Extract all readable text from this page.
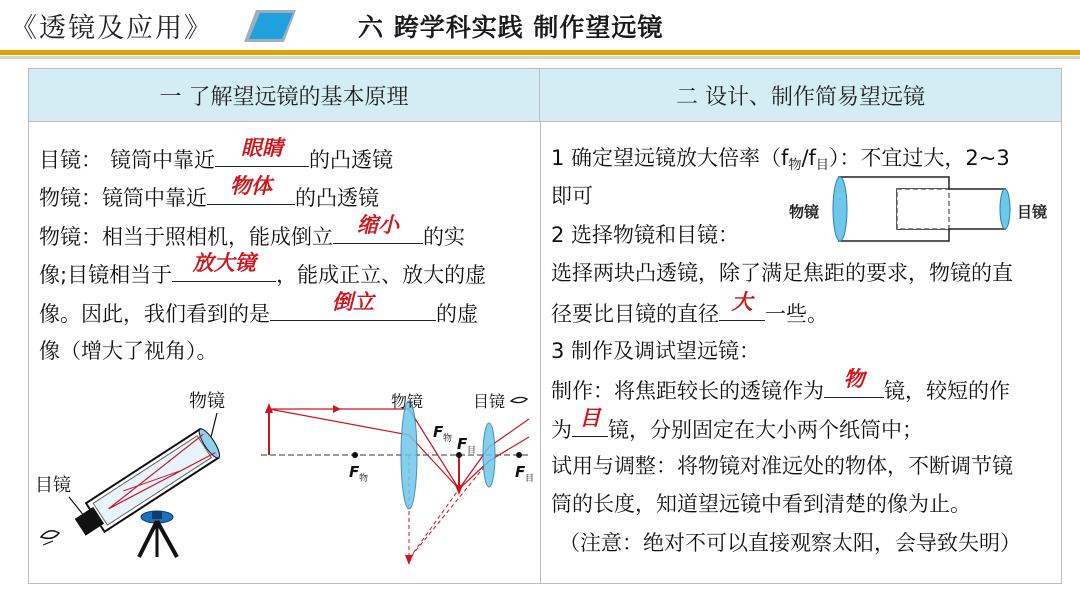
《透镜及应用》	六 跨学科实践 制作望远镜
一 了解望远镜的基本原理	二 设计、制作简易望远镜
目镜： 镜筒中靠近	眼睛	的凸透镜
物镜：镜筒中靠近	物体	的凸透镜
物镜：相当于照相机，能成倒立	缩小	的实
像;目镜相当于 放大镜 ，能成正立、放大的虚
像。因此，我们看到的是	倒立	的虚
像（增大了视角）。
物镜
目镜
物镜	目镜
F 物
F 物 F 目
F 目
1 确定望远镜放大倍率$(f_物/f_目)$：不宜过大，2~3
即可
物镜	目镜
2 选择物镜和目镜：
选择两块凸透镜，除了满足焦距的要求，物镜的直
径要比目镜的直径 大 一些。
3 制作及调试望远镜：
制作：将焦距较长的透镜作为 物 镜，较短的作
为 目 镜，分别固定在大小两个纸筒中；
试用与调整：将物镜对准远处的物体，不断调节镜
筒的长度，知道望远镜中看到清楚的像为止。
（注意：绝对不可以直接观察太阳，会导致失明）
